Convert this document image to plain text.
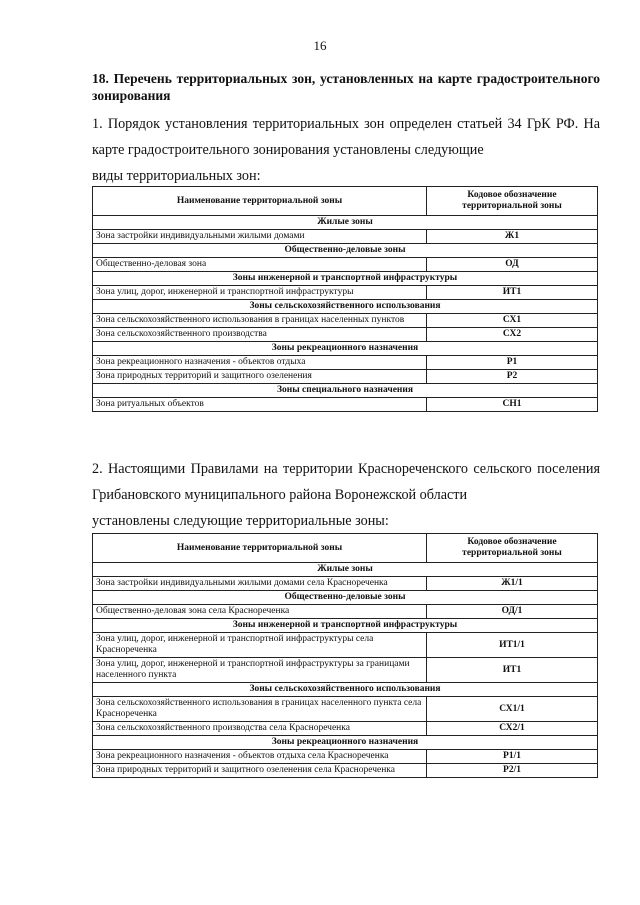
16
18. Перечень территориальных зон, установленных на карте градостроительного зонирования
1. Порядок установления территориальных зон определен статьей 34 ГрК РФ. На карте градостроительного зонирования установлены следующие
виды территориальных зон:
Наименование территориальной зоны	Кодовое обозначение территориальной зоны
Жилые зоны	
Зона застройки индивидуальными жилыми домами	Ж1
Общественно-деловые зоны	
Общественно-деловая зона	ОД
Зоны инженерной и транспортной инфраструктуры	
Зона улиц, дорог, инженерной и транспортной инфраструктуры	ИТ1
Зоны сельскохозяйственного использования	
Зона сельскохозяйственного использования в границах населенных пунктов	СХ1
Зона сельскохозяйственного производства	СХ2
Зоны рекреационного назначения	
Зона рекреационного назначения - объектов отдыха	Р1
Зона природных территорий и защитного озеленения	Р2
Зоны специального назначения	
Зона ритуальных объектов	СН1
2. Настоящими Правилами на территории Краснореченского сельского поселения Грибановского муниципального района Воронежской области
установлены следующие территориальные зоны:
Наименование территориальной зоны	Кодовое обозначение территориальной зоны
Жилые зоны	
Зона застройки индивидуальными жилыми домами села Краснореченка	Ж1/1
Общественно-деловые зоны	
Общественно-деловая зона села Краснореченка	ОД/1
Зоны инженерной и транспортной инфраструктуры	
Зона улиц, дорог, инженерной и транспортной инфраструктуры села Краснореченка	ИТ1/1
Зона улиц, дорог, инженерной и транспортной инфраструктуры за границами населенного пункта	ИТ1
Зоны сельскохозяйственного использования	
Зона сельскохозяйственного использования в границах населенного пункта села Краснореченка	СХ1/1
Зона сельскохозяйственного производства села Краснореченка	СХ2/1
Зоны рекреационного назначения	
Зона рекреационного назначения - объектов отдыха села Краснореченка	Р1/1
Зона природных территорий и защитного озеленения села Краснореченка	Р2/1
